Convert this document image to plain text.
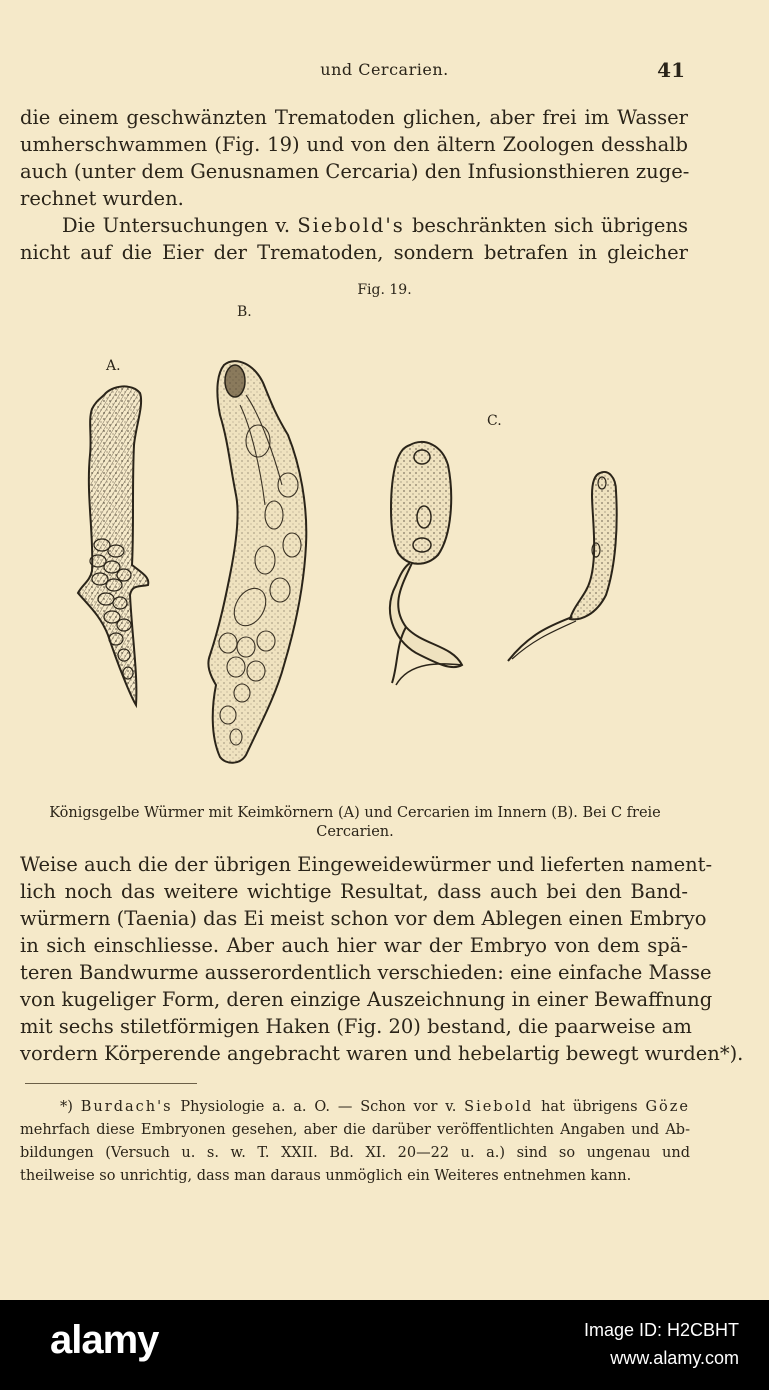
und Cercarien.	41

die einem geschwänzten Trematoden glichen, aber frei im Wasser
umherschwammen (Fig. 19) und von den ältern Zoologen desshalb
auch (unter dem Genusnamen Cercaria) den Infusionsthieren zuge-
rechnet wurden.

Die Untersuchungen v. Siebold's beschränkten sich übrigens
nicht auf die Eier der Trematoden, sondern betrafen in gleicher

Fig. 19.
B.
A.
C.
Königsgelbe Würmer mit Keimkörnern (A) und Cercarien im Innern (B). Bei C freie
Cercarien.

Weise auch die der übrigen Eingeweidewürmer und lieferten nament-
lich noch das weitere wichtige Resultat, dass auch bei den Band-
würmern (Taenia) das Ei meist schon vor dem Ablegen einen Embryo
in sich einschliesse. Aber auch hier war der Embryo von dem spä-
teren Bandwurme ausserordentlich verschieden: eine einfache Masse
von kugeliger Form, deren einzige Auszeichnung in einer Bewaffnung
mit sechs stiletförmigen Haken (Fig. 20) bestand, die paarweise am
vordern Körperende angebracht waren und hebelartig bewegt wurden*).

*) Burdach's Physiologie a. a. O. — Schon vor v. Siebold hat übrigens Göze
mehrfach diese Embryonen gesehen, aber die darüber veröffentlichten Angaben und Ab-
bildungen (Versuch u. s. w. T. XXII. Bd. XI. 20—22 u. a.) sind so ungenau und
theilweise so unrichtig, dass man daraus unmöglich ein Weiteres entnehmen kann.

alamy	Image ID: H2CBHT
www.alamy.com
